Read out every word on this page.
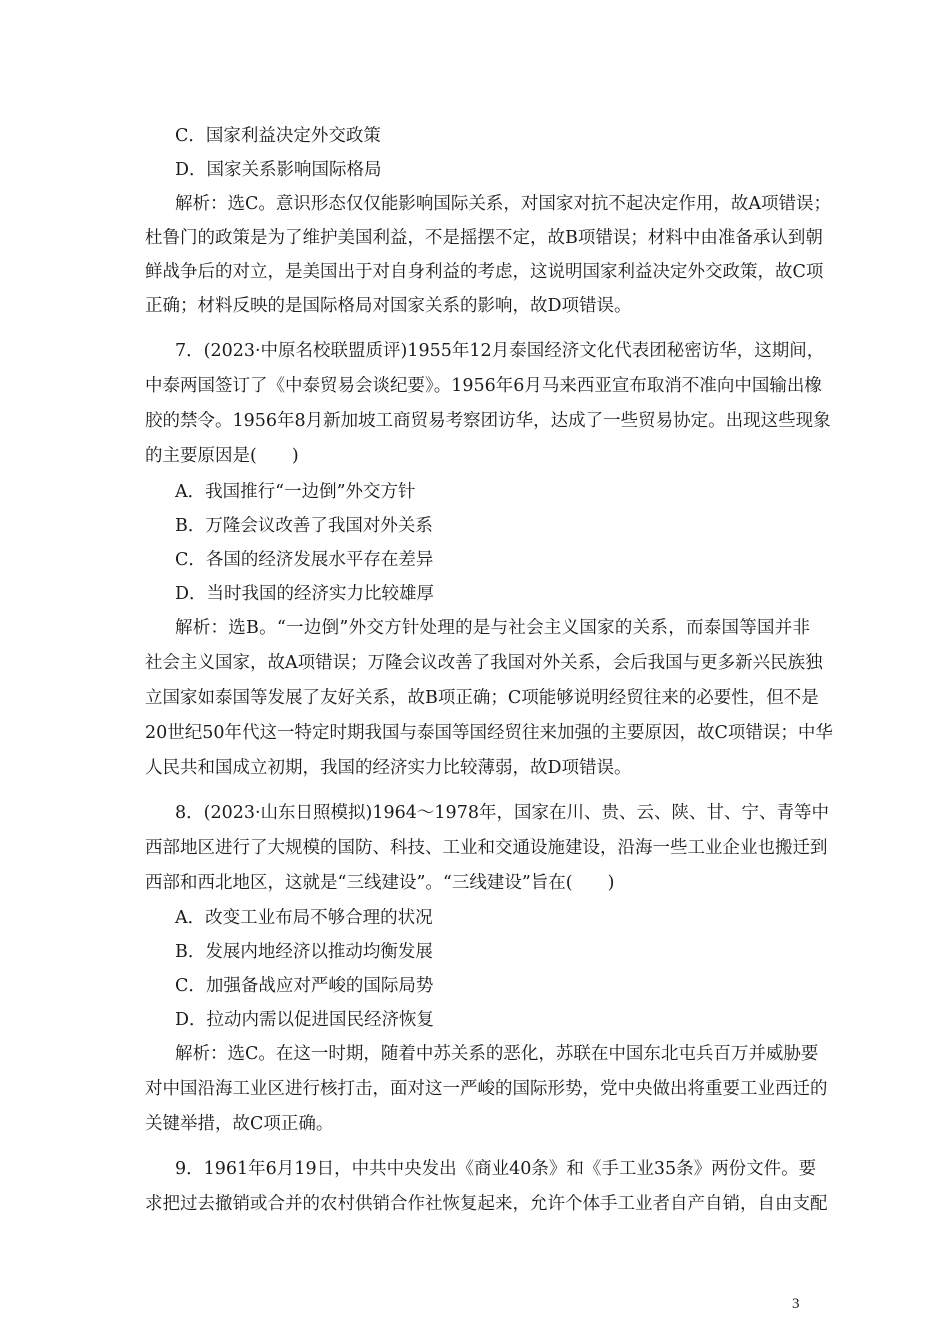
C．国家利益决定外交政策
D．国家关系影响国际格局
解析：选C。意识形态仅仅能影响国际关系，对国家对抗不起决定作用，故A项错误；
杜鲁门的政策是为了维护美国利益，不是摇摆不定，故B项错误；材料中由准备承认到朝
鲜战争后的对立，是美国出于对自身利益的考虑，这说明国家利益决定外交政策，故C项
正确；材料反映的是国际格局对国家关系的影响，故D项错误。
7．(2023·中原名校联盟质评)1955年12月泰国经济文化代表团秘密访华，这期间，
中泰两国签订了《中泰贸易会谈纪要》。1956年6月马来西亚宣布取消不准向中国输出橡
胶的禁令。1956年8月新加坡工商贸易考察团访华，达成了一些贸易协定。出现这些现象
的主要原因是(　　)
A．我国推行“一边倒”外交方针
B．万隆会议改善了我国对外关系
C．各国的经济发展水平存在差异
D．当时我国的经济实力比较雄厚
解析：选B。“一边倒”外交方针处理的是与社会主义国家的关系，而泰国等国并非
社会主义国家，故A项错误；万隆会议改善了我国对外关系，会后我国与更多新兴民族独
立国家如泰国等发展了友好关系，故B项正确；C项能够说明经贸往来的必要性，但不是
20世纪50年代这一特定时期我国与泰国等国经贸往来加强的主要原因，故C项错误；中华
人民共和国成立初期，我国的经济实力比较薄弱，故D项错误。
8．(2023·山东日照模拟)1964～1978年，国家在川、贵、云、陕、甘、宁、青等中
西部地区进行了大规模的国防、科技、工业和交通设施建设，沿海一些工业企业也搬迁到
西部和西北地区，这就是“三线建设”。“三线建设”旨在(　　)
A．改变工业布局不够合理的状况
B．发展内地经济以推动均衡发展
C．加强备战应对严峻的国际局势
D．拉动内需以促进国民经济恢复
解析：选C。在这一时期，随着中苏关系的恶化，苏联在中国东北屯兵百万并威胁要
对中国沿海工业区进行核打击，面对这一严峻的国际形势，党中央做出将重要工业西迁的
关键举措，故C项正确。
9．1961年6月19日，中共中央发出《商业40条》和《手工业35条》两份文件。要
求把过去撤销或合并的农村供销合作社恢复起来，允许个体手工业者自产自销，自由支配
3
